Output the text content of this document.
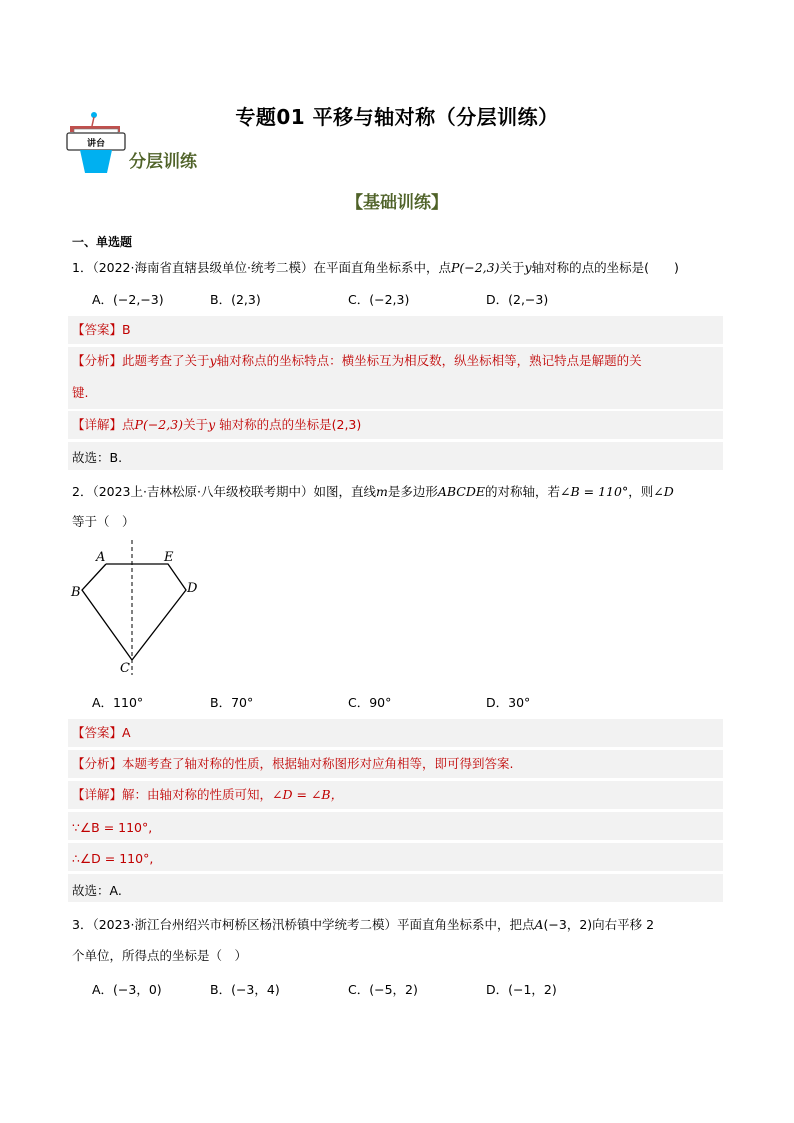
专题01 平移与轴对称（分层训练）
讲台
分层训练
【基础训练】
一、单选题
1．（2022·海南省直辖县级单位·统考二模）在平面直角坐标系中，点P(−2,3)关于y轴对称的点的坐标是(　　)
A．(−2,−3)	B．(2,3)	C．(−2,3)	D．(2,−3)
【答案】B
【分析】此题考查了关于y轴对称点的坐标特点：横坐标互为相反数，纵坐标相等，熟记特点是解题的关
键.
【详解】点P(−2,3)关于y 轴对称的点的坐标是(2,3)
故选：B.
2．（2023上·吉林松原·八年级校联考期中）如图，直线m是多边形ABCDE的对称轴，若∠B = 110°，则∠D
等于（　）
A	E
B	D
C
A．110°	B．70°	C．90°	D．30°
【答案】A
【分析】本题考查了轴对称的性质，根据轴对称图形对应角相等，即可得到答案.
【详解】解：由轴对称的性质可知，∠D = ∠B，
∵∠B = 110°,
∴∠D = 110°,
故选：A.
3．（2023·浙江台州绍兴市柯桥区杨汛桥镇中学统考二模）平面直角坐标系中，把点A(−3，2)向右平移 2
个单位，所得点的坐标是（　）
A．(−3，0)	B．(−3，4)	C．(−5，2)	D．(−1，2)
